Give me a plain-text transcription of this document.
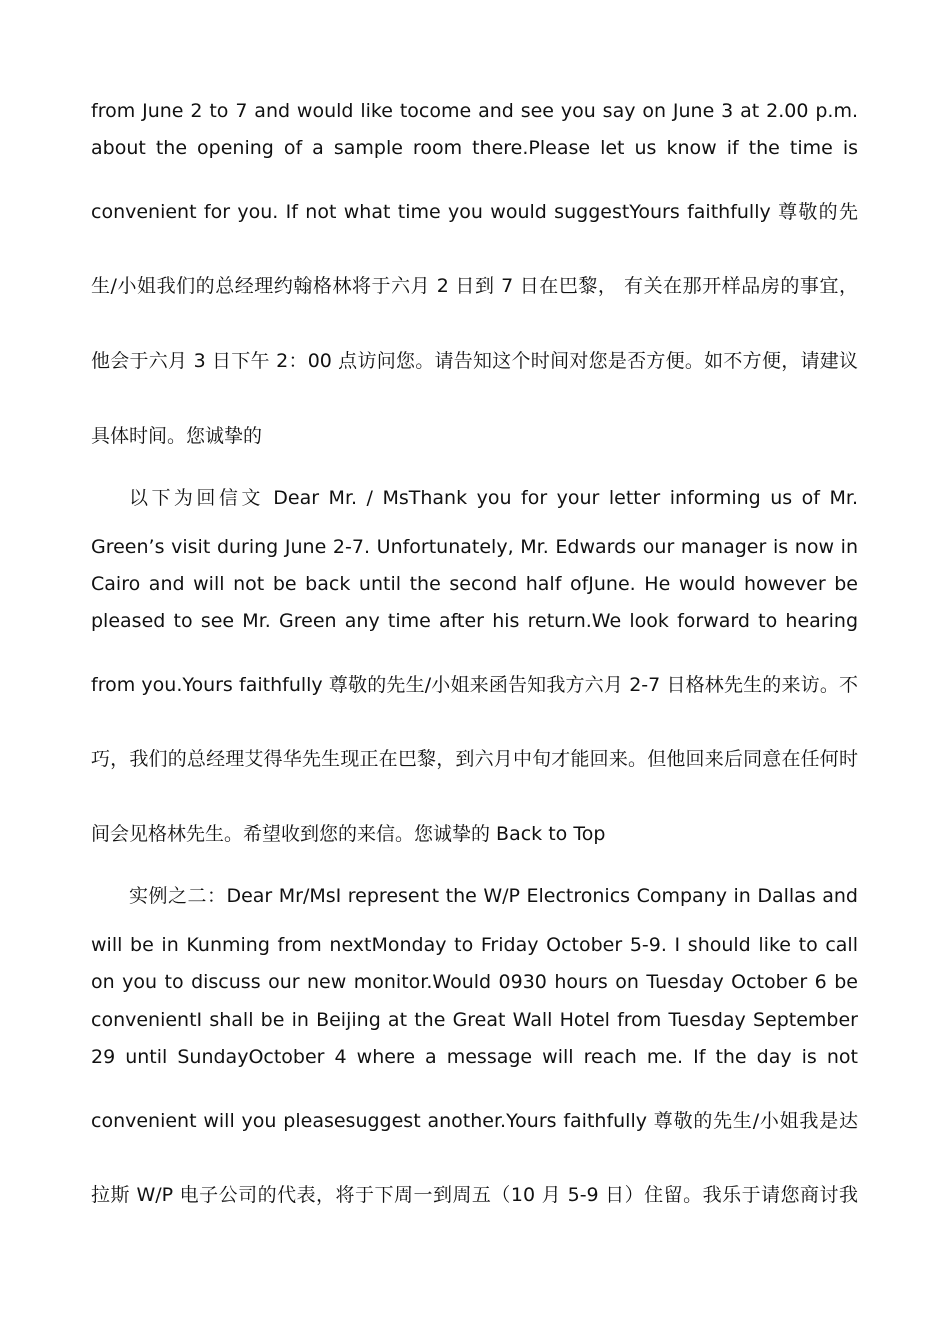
from June 2 to 7 and would like tocome and see you say on June 3 at 2.00 p.m.

about the opening of a sample room there.Please let us know if the time is

convenient for you. If not what time you would suggestYours faithfully 尊敬的先

生/小姐我们的总经理约翰格林将于六月 2 日到 7 日在巴黎， 有关在那开样品房的事宜，

他会于六月 3 日下午 2：00 点访问您。请告知这个时间对您是否方便。如不方便，请建议

具体时间。您诚挚的

以下为回信文 Dear Mr. / MsThank you for your letter informing us of Mr.

Green’s visit during June 2-7. Unfortunately, Mr. Edwards our manager is now in

Cairo and will not be back until the second half ofJune. He would however be

pleased to see Mr. Green any time after his return.We look forward to hearing

from you.Yours faithfully 尊敬的先生/小姐来函告知我方六月 2-7 日格林先生的来访。不

巧，我们的总经理艾得华先生现正在巴黎，到六月中旬才能回来。但他回来后同意在任何时

间会见格林先生。希望收到您的来信。您诚挚的 Back to Top

实例之二：Dear Mr/MsI represent the W/P Electronics Company in Dallas and

will be in Kunming from nextMonday to Friday October 5-9. I should like to call

on you to discuss our new monitor.Would 0930 hours on Tuesday October 6 be

convenientI shall be in Beijing at the Great Wall Hotel from Tuesday September

29 until SundayOctober 4 where a message will reach me. If the day is not

convenient will you pleasesuggest another.Yours faithfully 尊敬的先生/小姐我是达

拉斯 W/P 电子公司的代表，将于下周一到周五（10 月 5-9 日）住留。我乐于请您商讨我
